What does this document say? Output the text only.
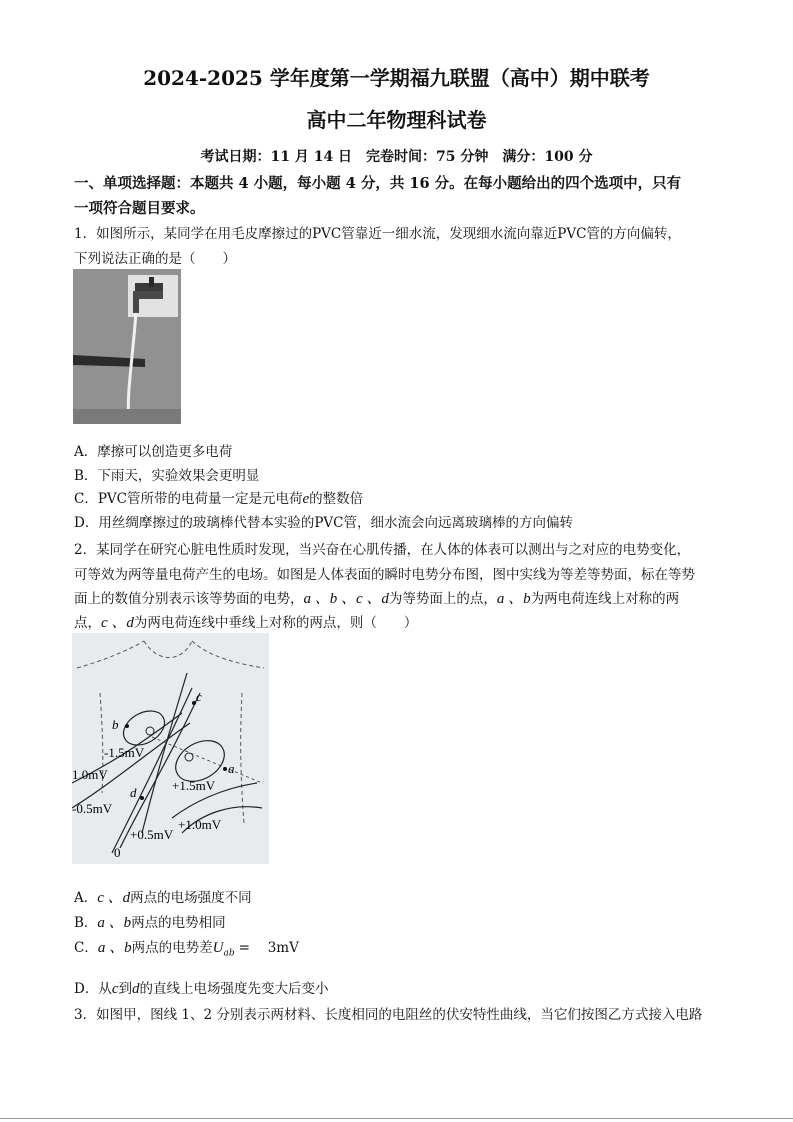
2024-2025 学年度第一学期福九联盟（高中）期中联考
高中二年物理科试卷
考试日期：11 月 14 日　完卷时间：75 分钟　满分：100 分
一、单项选择题：本题共 4 小题，每小题 4 分，共 16 分。在每小题给出的四个选项中，只有
一项符合题目要求。
1．如图所示，某同学在用毛皮摩擦过的PVC管靠近一细水流，发现细水流向靠近PVC管的方向偏转，
下列说法正确的是（　　）
A．摩擦可以创造更多电荷
B．下雨天，实验效果会更明显
C．PVC管所带的电荷量一定是元电荷e的整数倍
D．用丝绸摩擦过的玻璃棒代替本实验的PVC管，细水流会向远离玻璃棒的方向偏转
2．某同学在研究心脏电性质时发现，当兴奋在心肌传播，在人体的体表可以测出与之对应的电势变化，
可等效为两等量电荷产生的电场。如图是人体表面的瞬时电势分布图，图中实线为等差等势面，标在等势
面上的数值分别表示该等势面的电势，a 、b 、c 、d为等势面上的点，a 、b为两电荷连线上对称的两
点，c 、d为两电荷连线中垂线上对称的两点，则（　　）
c
b
a
d
-1.5mV
1.0mV
-0.5mV
+1.5mV
+1.0mV
+0.5mV
0
A．c 、d两点的电场强度不同
B．a 、b两点的电势相同
C．a 、b两点的电势差$U_{ab}$ = 　3mV
D．从c到d的直线上电场强度先变大后变小
3．如图甲，图线 1、2 分别表示两材料、长度相同的电阻丝的伏安特性曲线，当它们按图乙方式接入电路
